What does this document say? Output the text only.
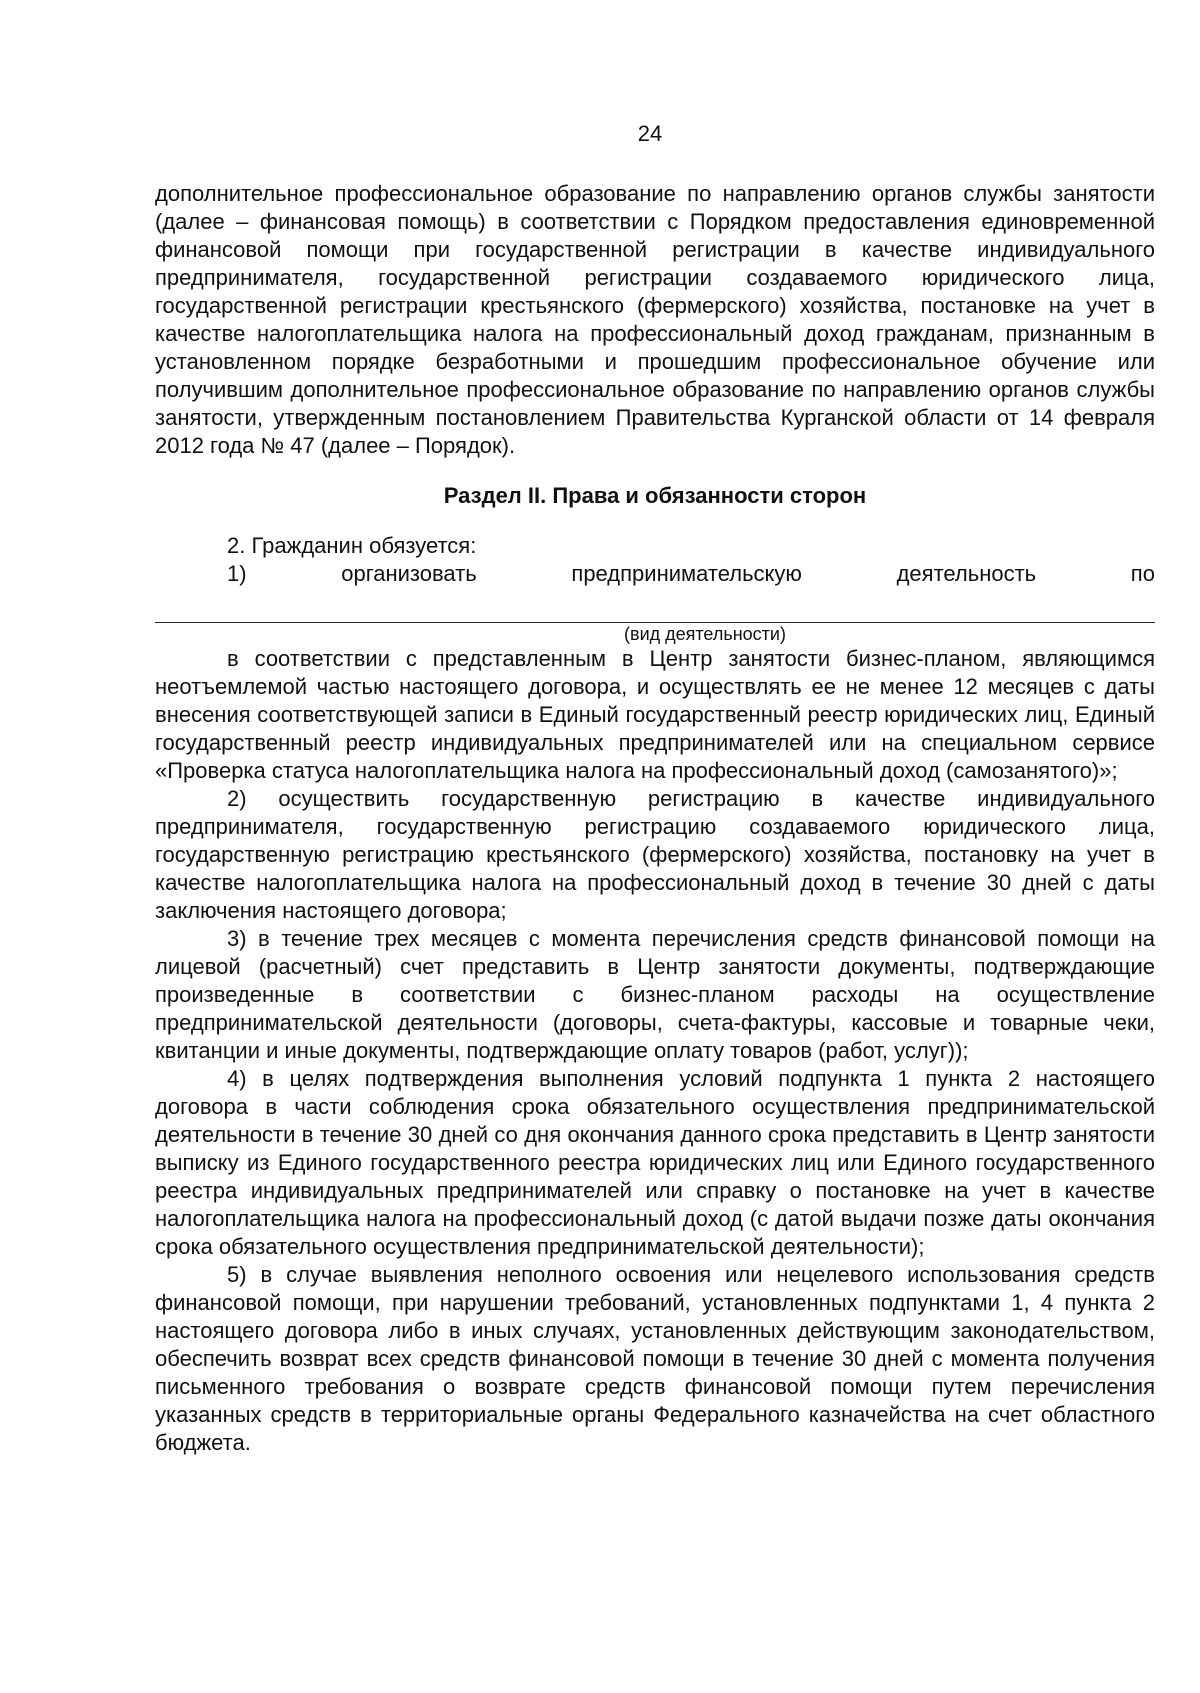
24

дополнительное профессиональное образование по направлению органов службы занятости (далее – финансовая помощь) в соответствии с Порядком предоставления единовременной финансовой помощи при государственной регистрации в качестве индивидуального предпринимателя, государственной регистрации создаваемого юридического лица, государственной регистрации крестьянского (фермерского) хозяйства, постановке на учет в качестве налогоплательщика налога на профессиональный доход гражданам, признанным в установленном порядке безработными и прошедшим профессиональное обучение или получившим дополнительное профессиональное образование по направлению органов службы занятости, утвержденным постановлением Правительства Курганской области от 14 февраля 2012 года № 47 (далее – Порядок).

Раздел II. Права и обязанности сторон

2. Гражданин обязуется:

1)	организовать	предпринимательскую	деятельность	по
(вид деятельности)

в соответствии с представленным в Центр занятости бизнес-планом, являющимся неотъемлемой частью настоящего договора, и осуществлять ее не менее 12 месяцев с даты внесения соответствующей записи в Единый государственный реестр юридических лиц, Единый государственный реестр индивидуальных предпринимателей или на специальном сервисе «Проверка статуса налогоплательщика налога на профессиональный доход (самозанятого)»;

2) осуществить государственную регистрацию в качестве индивидуального предпринимателя, государственную регистрацию создаваемого юридического лица, государственную регистрацию крестьянского (фермерского) хозяйства, постановку на учет в качестве налогоплательщика налога на профессиональный доход в течение 30 дней с даты заключения настоящего договора;

3) в течение трех месяцев с момента перечисления средств финансовой помощи на лицевой (расчетный) счет представить в Центр занятости документы, подтверждающие произведенные в соответствии с бизнес-планом расходы на осуществление предпринимательской деятельности (договоры, счета-фактуры, кассовые и товарные чеки, квитанции и иные документы, подтверждающие оплату товаров (работ, услуг));

4) в целях подтверждения выполнения условий подпункта 1 пункта 2 настоящего договора в части соблюдения срока обязательного осуществления предпринимательской деятельности в течение 30 дней со дня окончания данного срока представить в Центр занятости выписку из Единого государственного реестра юридических лиц или Единого государственного реестра индивидуальных предпринимателей или справку о постановке на учет в качестве налогоплательщика налога на профессиональный доход (с датой выдачи позже даты окончания срока обязательного осуществления предпринимательской деятельности);

5) в случае выявления неполного освоения или нецелевого использования средств финансовой помощи, при нарушении требований, установленных подпунктами 1, 4 пункта 2 настоящего договора либо в иных случаях, установленных действующим законодательством, обеспечить возврат всех средств финансовой помощи в течение 30 дней с момента получения письменного требования о возврате средств финансовой помощи путем перечисления указанных средств в территориальные органы Федерального казначейства на счет областного бюджета.
